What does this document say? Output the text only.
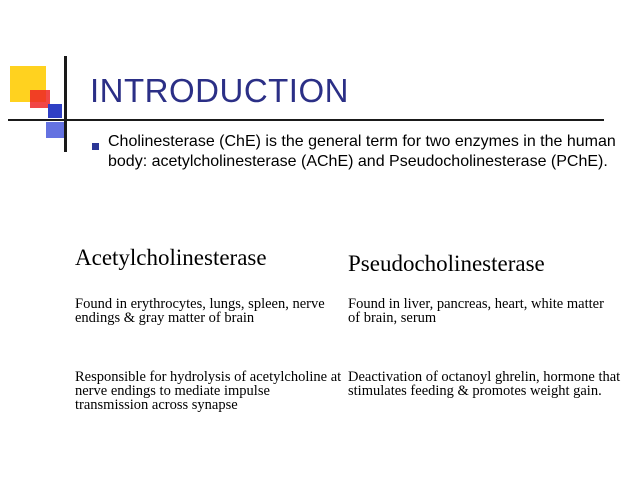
INTRODUCTION
Cholinesterase (ChE) is the general term for two enzymes in the human body: acetylcholinesterase (AChE) and Pseudocholinesterase (PChE).
Acetylcholinesterase	Pseudocholinesterase
Found in erythrocytes, lungs, spleen, nerve endings & gray matter of brain
Found in liver, pancreas, heart, white matter of brain, serum
Responsible for hydrolysis of acetylcholine at nerve endings to mediate impulse transmission across synapse
Deactivation of octanoyl ghrelin, hormone that stimulates feeding & promotes weight gain.
